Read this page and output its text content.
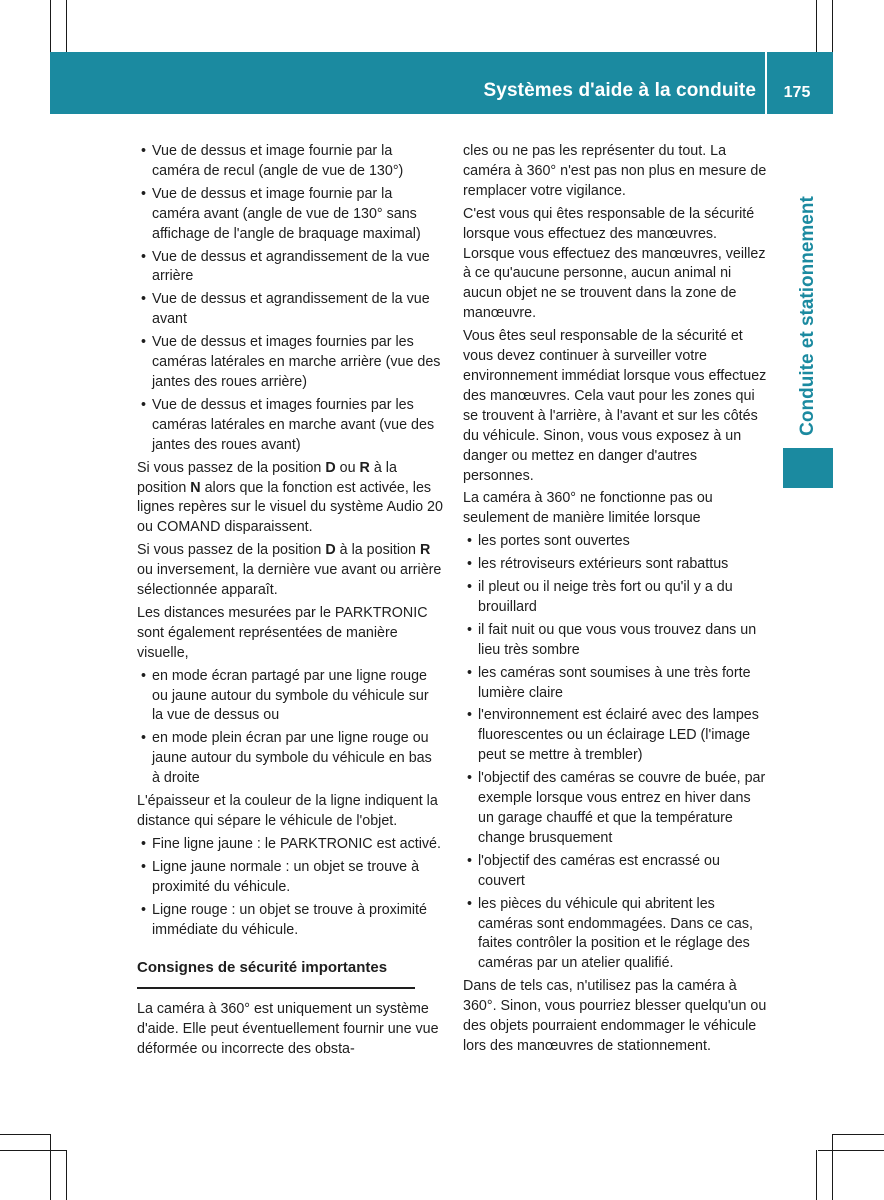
Systèmes d'aide à la conduite	175
Conduite et stationnement
• Vue de dessus et image fournie par la caméra de recul (angle de vue de 130°)
• Vue de dessus et image fournie par la caméra avant (angle de vue de 130° sans affichage de l'angle de braquage maximal)
• Vue de dessus et agrandissement de la vue arrière
• Vue de dessus et agrandissement de la vue avant
• Vue de dessus et images fournies par les caméras latérales en marche arrière (vue des jantes des roues arrière)
• Vue de dessus et images fournies par les caméras latérales en marche avant (vue des jantes des roues avant)

Si vous passez de la position D ou R à la position N alors que la fonction est activée, les lignes repères sur le visuel du système Audio 20 ou COMAND disparaissent.

Si vous passez de la position D à la position R ou inversement, la dernière vue avant ou arrière sélectionnée apparaît.

Les distances mesurées par le PARKTRONIC sont également représentées de manière visuelle,

• en mode écran partagé par une ligne rouge ou jaune autour du symbole du véhicule sur la vue de dessus ou
• en mode plein écran par une ligne rouge ou jaune autour du symbole du véhicule en bas à droite

L'épaisseur et la couleur de la ligne indiquent la distance qui sépare le véhicule de l'objet.

• Fine ligne jaune : le PARKTRONIC est activé.
• Ligne jaune normale : un objet se trouve à proximité du véhicule.
• Ligne rouge : un objet se trouve à proximité immédiate du véhicule.
Consignes de sécurité importantes

La caméra à 360° est uniquement un système d'aide. Elle peut éventuellement fournir une vue déformée ou incorrecte des obsta-

cles ou ne pas les représenter du tout. La caméra à 360° n'est pas non plus en mesure de remplacer votre vigilance.

C'est vous qui êtes responsable de la sécurité lorsque vous effectuez des manœuvres. Lorsque vous effectuez des manœuvres, veillez à ce qu'aucune personne, aucun animal ni aucun objet ne se trouvent dans la zone de manœuvre.

Vous êtes seul responsable de la sécurité et vous devez continuer à surveiller votre environnement immédiat lorsque vous effectuez des manœuvres. Cela vaut pour les zones qui se trouvent à l'arrière, à l'avant et sur les côtés du véhicule. Sinon, vous vous exposez à un danger ou mettez en danger d'autres personnes.

La caméra à 360° ne fonctionne pas ou seulement de manière limitée lorsque

• les portes sont ouvertes
• les rétroviseurs extérieurs sont rabattus
• il pleut ou il neige très fort ou qu'il y a du brouillard
• il fait nuit ou que vous vous trouvez dans un lieu très sombre
• les caméras sont soumises à une très forte lumière claire
• l'environnement est éclairé avec des lampes fluorescentes ou un éclairage LED (l'image peut se mettre à trembler)
• l'objectif des caméras se couvre de buée, par exemple lorsque vous entrez en hiver dans un garage chauffé et que la température change brusquement
• l'objectif des caméras est encrassé ou couvert
• les pièces du véhicule qui abritent les caméras sont endommagées. Dans ce cas, faites contrôler la position et le réglage des caméras par un atelier qualifié.

Dans de tels cas, n'utilisez pas la caméra à 360°. Sinon, vous pourriez blesser quelqu'un ou des objets pourraient endommager le véhicule lors des manœuvres de stationnement.
